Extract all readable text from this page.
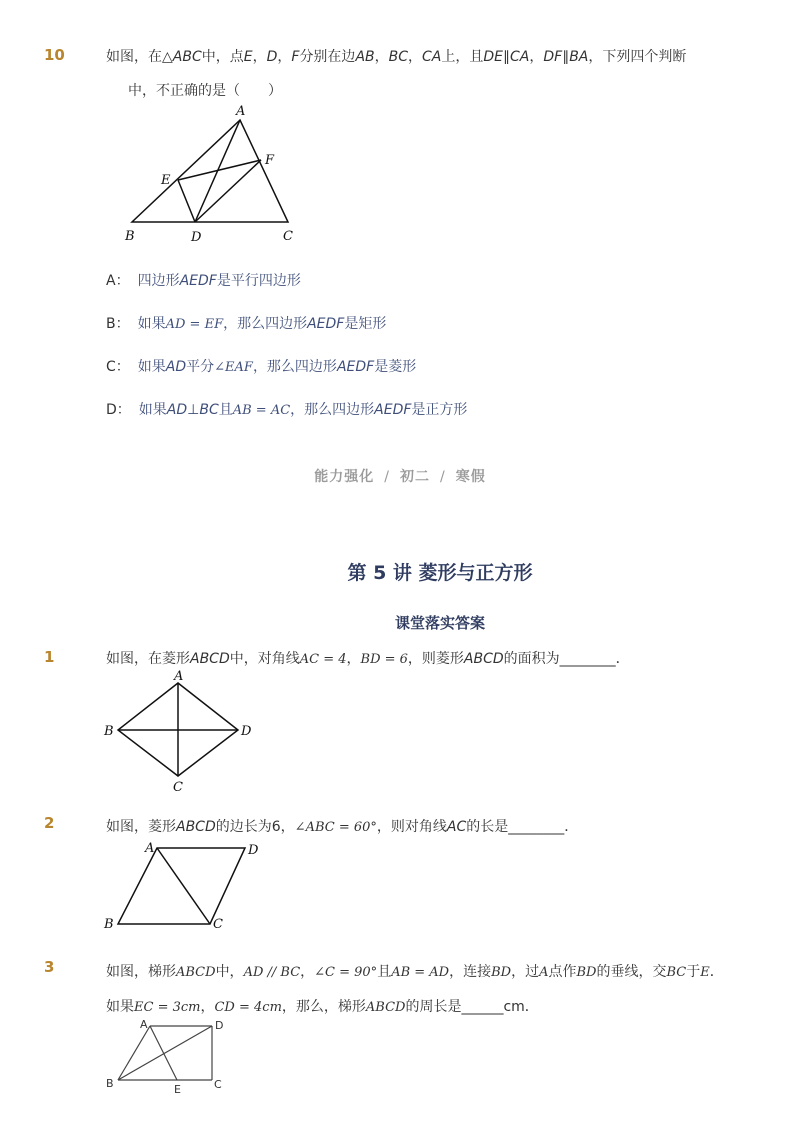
10	如图，在△ABC中，点E，D，F分别在边AB，BC，CA上，且DE∥CA，DF∥BA，下列四个判断
中，不正确的是（　　）
A
E
F
B	D	C
A： 四边形AEDF是平行四边形
B： 如果AD = EF，那么四边形AEDF是矩形
C： 如果AD平分∠EAF，那么四边形AEDF是菱形
D： 如果AD⊥BC且AB = AC，那么四边形AEDF是正方形
能力强化 / 初二 / 寒假
第 5 讲 菱形与正方形
课堂落实答案
1	如图，在菱形ABCD中，对角线AC = 4，BD = 6，则菱形ABCD的面积为________．
A
B	D
C
2	如图，菱形ABCD的边长为6，∠ABC = 60°，则对角线AC的长是________．
A	D
B	C
3	如图，梯形ABCD中，AD // BC，∠C = 90°且AB = AD，连接BD，过A点作BD的垂线，交BC于E．
如果EC = 3cm，CD = 4cm，那么，梯形ABCD的周长是______cm．
A	D
B	E	C
